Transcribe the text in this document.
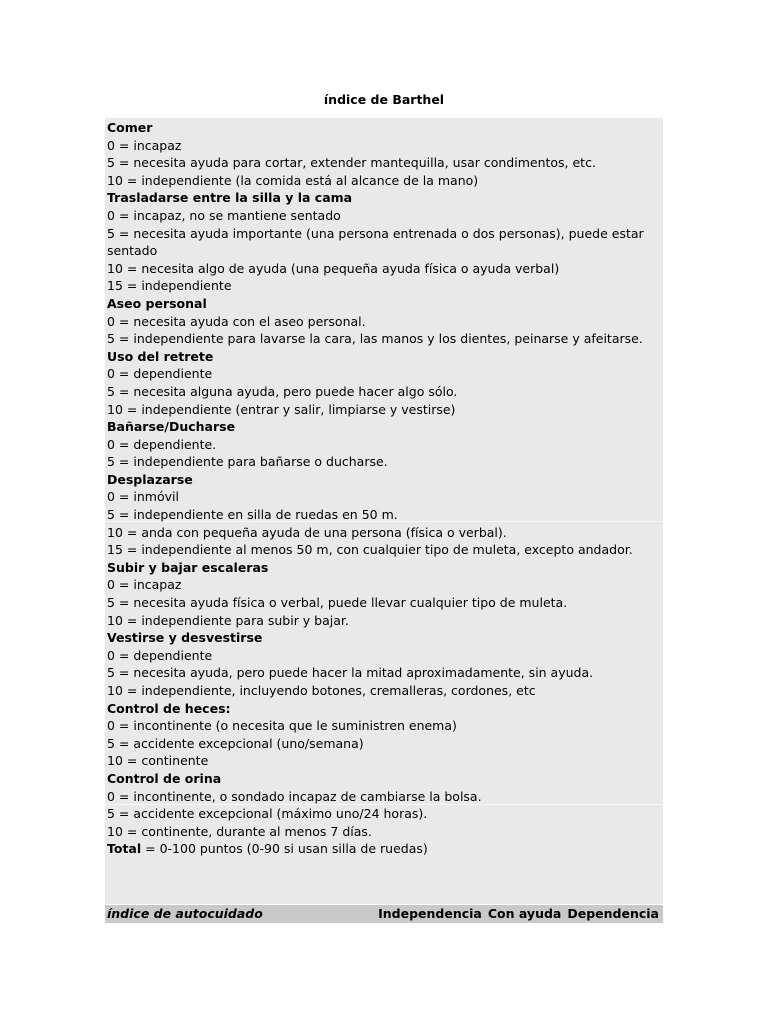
índice de Barthel
Comer
0 = incapaz
5 = necesita ayuda para cortar, extender mantequilla, usar condimentos, etc.
10 = independiente (la comida está al alcance de la mano)
Trasladarse entre la silla y la cama
0 = incapaz, no se mantiene sentado
5 = necesita ayuda importante (una persona entrenada o dos personas), puede estar sentado
10 = necesita algo de ayuda (una pequeña ayuda física o ayuda verbal)
15 = independiente
Aseo personal
0 = necesita ayuda con el aseo personal.
5 = independiente para lavarse la cara, las manos y los dientes, peinarse y afeitarse.
Uso del retrete
0 = dependiente
5 = necesita alguna ayuda, pero puede hacer algo sólo.
10 = independiente (entrar y salir, limpiarse y vestirse)
Bañarse/Ducharse
0 = dependiente.
5 = independiente para bañarse o ducharse.
Desplazarse
0 = inmóvil
5 = independiente en silla de ruedas en 50 m.
10 = anda con pequeña ayuda de una persona (física o verbal).
15 = independiente al menos 50 m, con cualquier tipo de muleta, excepto andador.
Subir y bajar escaleras
0 = incapaz
5 = necesita ayuda física o verbal, puede llevar cualquier tipo de muleta.
10 = independiente para subir y bajar.
Vestirse y desvestirse
0 = dependiente
5 = necesita ayuda, pero puede hacer la mitad aproximadamente, sin ayuda.
10 = independiente, incluyendo botones, cremalleras, cordones, etc
Control de heces:
0 = incontinente (o necesita que le suministren enema)
5 = accidente excepcional (uno/semana)
10 = continente
Control de orina
0 = incontinente, o sondado incapaz de cambiarse la bolsa.
5 = accidente excepcional (máximo uno/24 horas).
10 = continente, durante al menos 7 días.
Total = 0-100 puntos (0-90 si usan silla de ruedas)
índice de autocuidado	Independencia Con ayuda Dependencia
